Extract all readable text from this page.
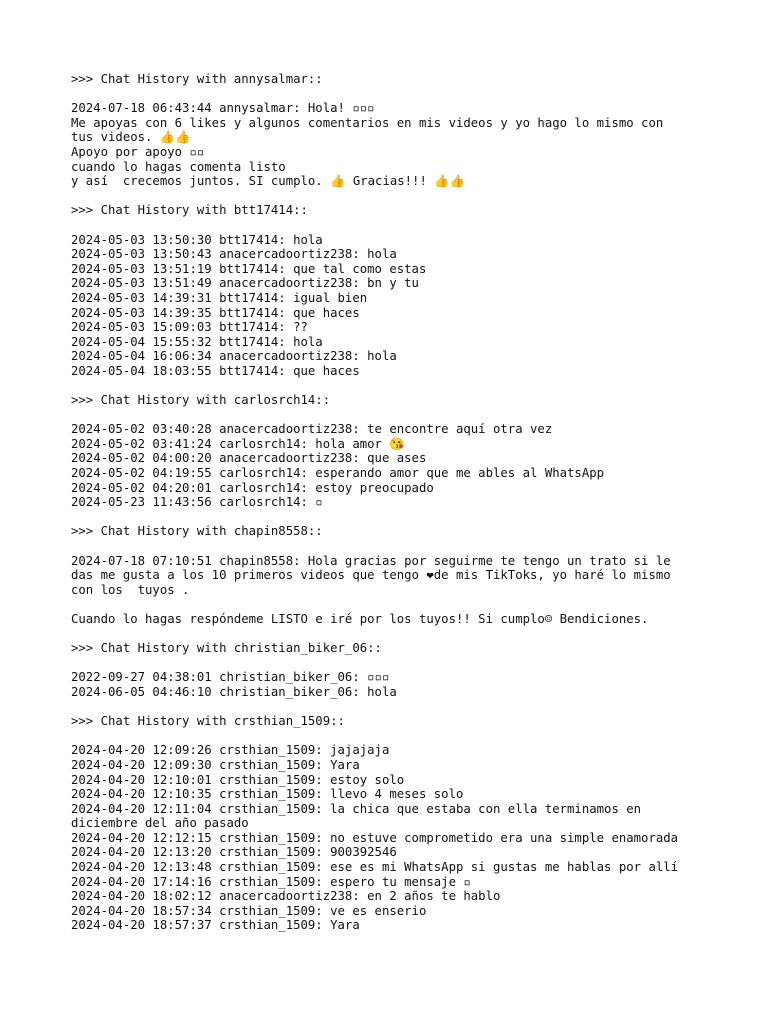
>>> Chat History with annysalmar::
2024-07-18 06:43:44 annysalmar: Hola! ▫▫▫
Me apoyas con 6 likes y algunos comentarios en mis videos y yo hago lo mismo con
tus videos. 👍👍
Apoyo por apoyo ▫▫
cuando lo hagas comenta listo
y así  crecemos juntos. SI cumplo. 👍 Gracias!!! 👍👍
>>> Chat History with btt17414::
2024-05-03 13:50:30 btt17414: hola
2024-05-03 13:50:43 anacercadoortiz238: hola
2024-05-03 13:51:19 btt17414: que tal como estas
2024-05-03 13:51:49 anacercadoortiz238: bn y tu
2024-05-03 14:39:31 btt17414: igual bien
2024-05-03 14:39:35 btt17414: que haces
2024-05-03 15:09:03 btt17414: ??
2024-05-04 15:55:32 btt17414: hola
2024-05-04 16:06:34 anacercadoortiz238: hola
2024-05-04 18:03:55 btt17414: que haces
>>> Chat History with carlosrch14::
2024-05-02 03:40:28 anacercadoortiz238: te encontre aquí otra vez
2024-05-02 03:41:24 carlosrch14: hola amor 😘
2024-05-02 04:00:20 anacercadoortiz238: que ases
2024-05-02 04:19:55 carlosrch14: esperando amor que me ables al WhatsApp
2024-05-02 04:20:01 carlosrch14: estoy preocupado
2024-05-23 11:43:56 carlosrch14: ▫
>>> Chat History with chapin8558::
2024-07-18 07:10:51 chapin8558: Hola gracias por seguirme te tengo un trato si le
das me gusta a los 10 primeros videos que tengo ❤de mis TikToks, yo haré lo mismo
con los  tuyos .
Cuando lo hagas respóndeme LISTO e iré por los tuyos!! Si cumplo☺ Bendiciones.
>>> Chat History with christian_biker_06::
2022-09-27 04:38:01 christian_biker_06: ▫▫▫
2024-06-05 04:46:10 christian_biker_06: hola
>>> Chat History with crsthian_1509::
2024-04-20 12:09:26 crsthian_1509: jajajaja
2024-04-20 12:09:30 crsthian_1509: Yara
2024-04-20 12:10:01 crsthian_1509: estoy solo
2024-04-20 12:10:35 crsthian_1509: llevo 4 meses solo
2024-04-20 12:11:04 crsthian_1509: la chica que estaba con ella terminamos en
diciembre del año pasado
2024-04-20 12:12:15 crsthian_1509: no estuve comprometido era una simple enamorada
2024-04-20 12:13:20 crsthian_1509: 900392546
2024-04-20 12:13:48 crsthian_1509: ese es mi WhatsApp si gustas me hablas por allí
2024-04-20 17:14:16 crsthian_1509: espero tu mensaje ▫
2024-04-20 18:02:12 anacercadoortiz238: en 2 años te hablo
2024-04-20 18:57:34 crsthian_1509: ve es enserio
2024-04-20 18:57:37 crsthian_1509: Yara
